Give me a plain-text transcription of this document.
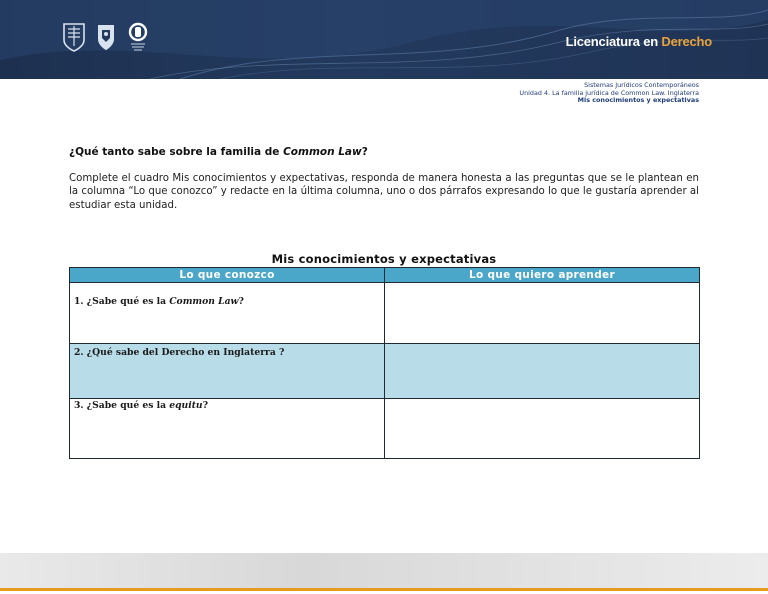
Licenciatura en Derecho
Sistemas Jurídicos Contemporáneos
Unidad 4. La familia jurídica de Common Law. Inglaterra
Mis conocimientos y expectativas
¿Qué tanto sabe sobre la familia de Common Law?
Complete el cuadro Mis conocimientos y expectativas, responda de manera honesta a las preguntas que se le plantean en la columna “Lo que conozco” y redacte en la última columna, uno o dos párrafos expresando lo que le gustaría aprender al estudiar esta unidad.
Mis conocimientos y expectativas
Lo que conozco	Lo que quiero aprender
1. ¿Sabe qué es la Common Law?	
2. ¿Qué sabe del Derecho en Inglaterra ?	
3. ¿Sabe qué es la equitu?	
